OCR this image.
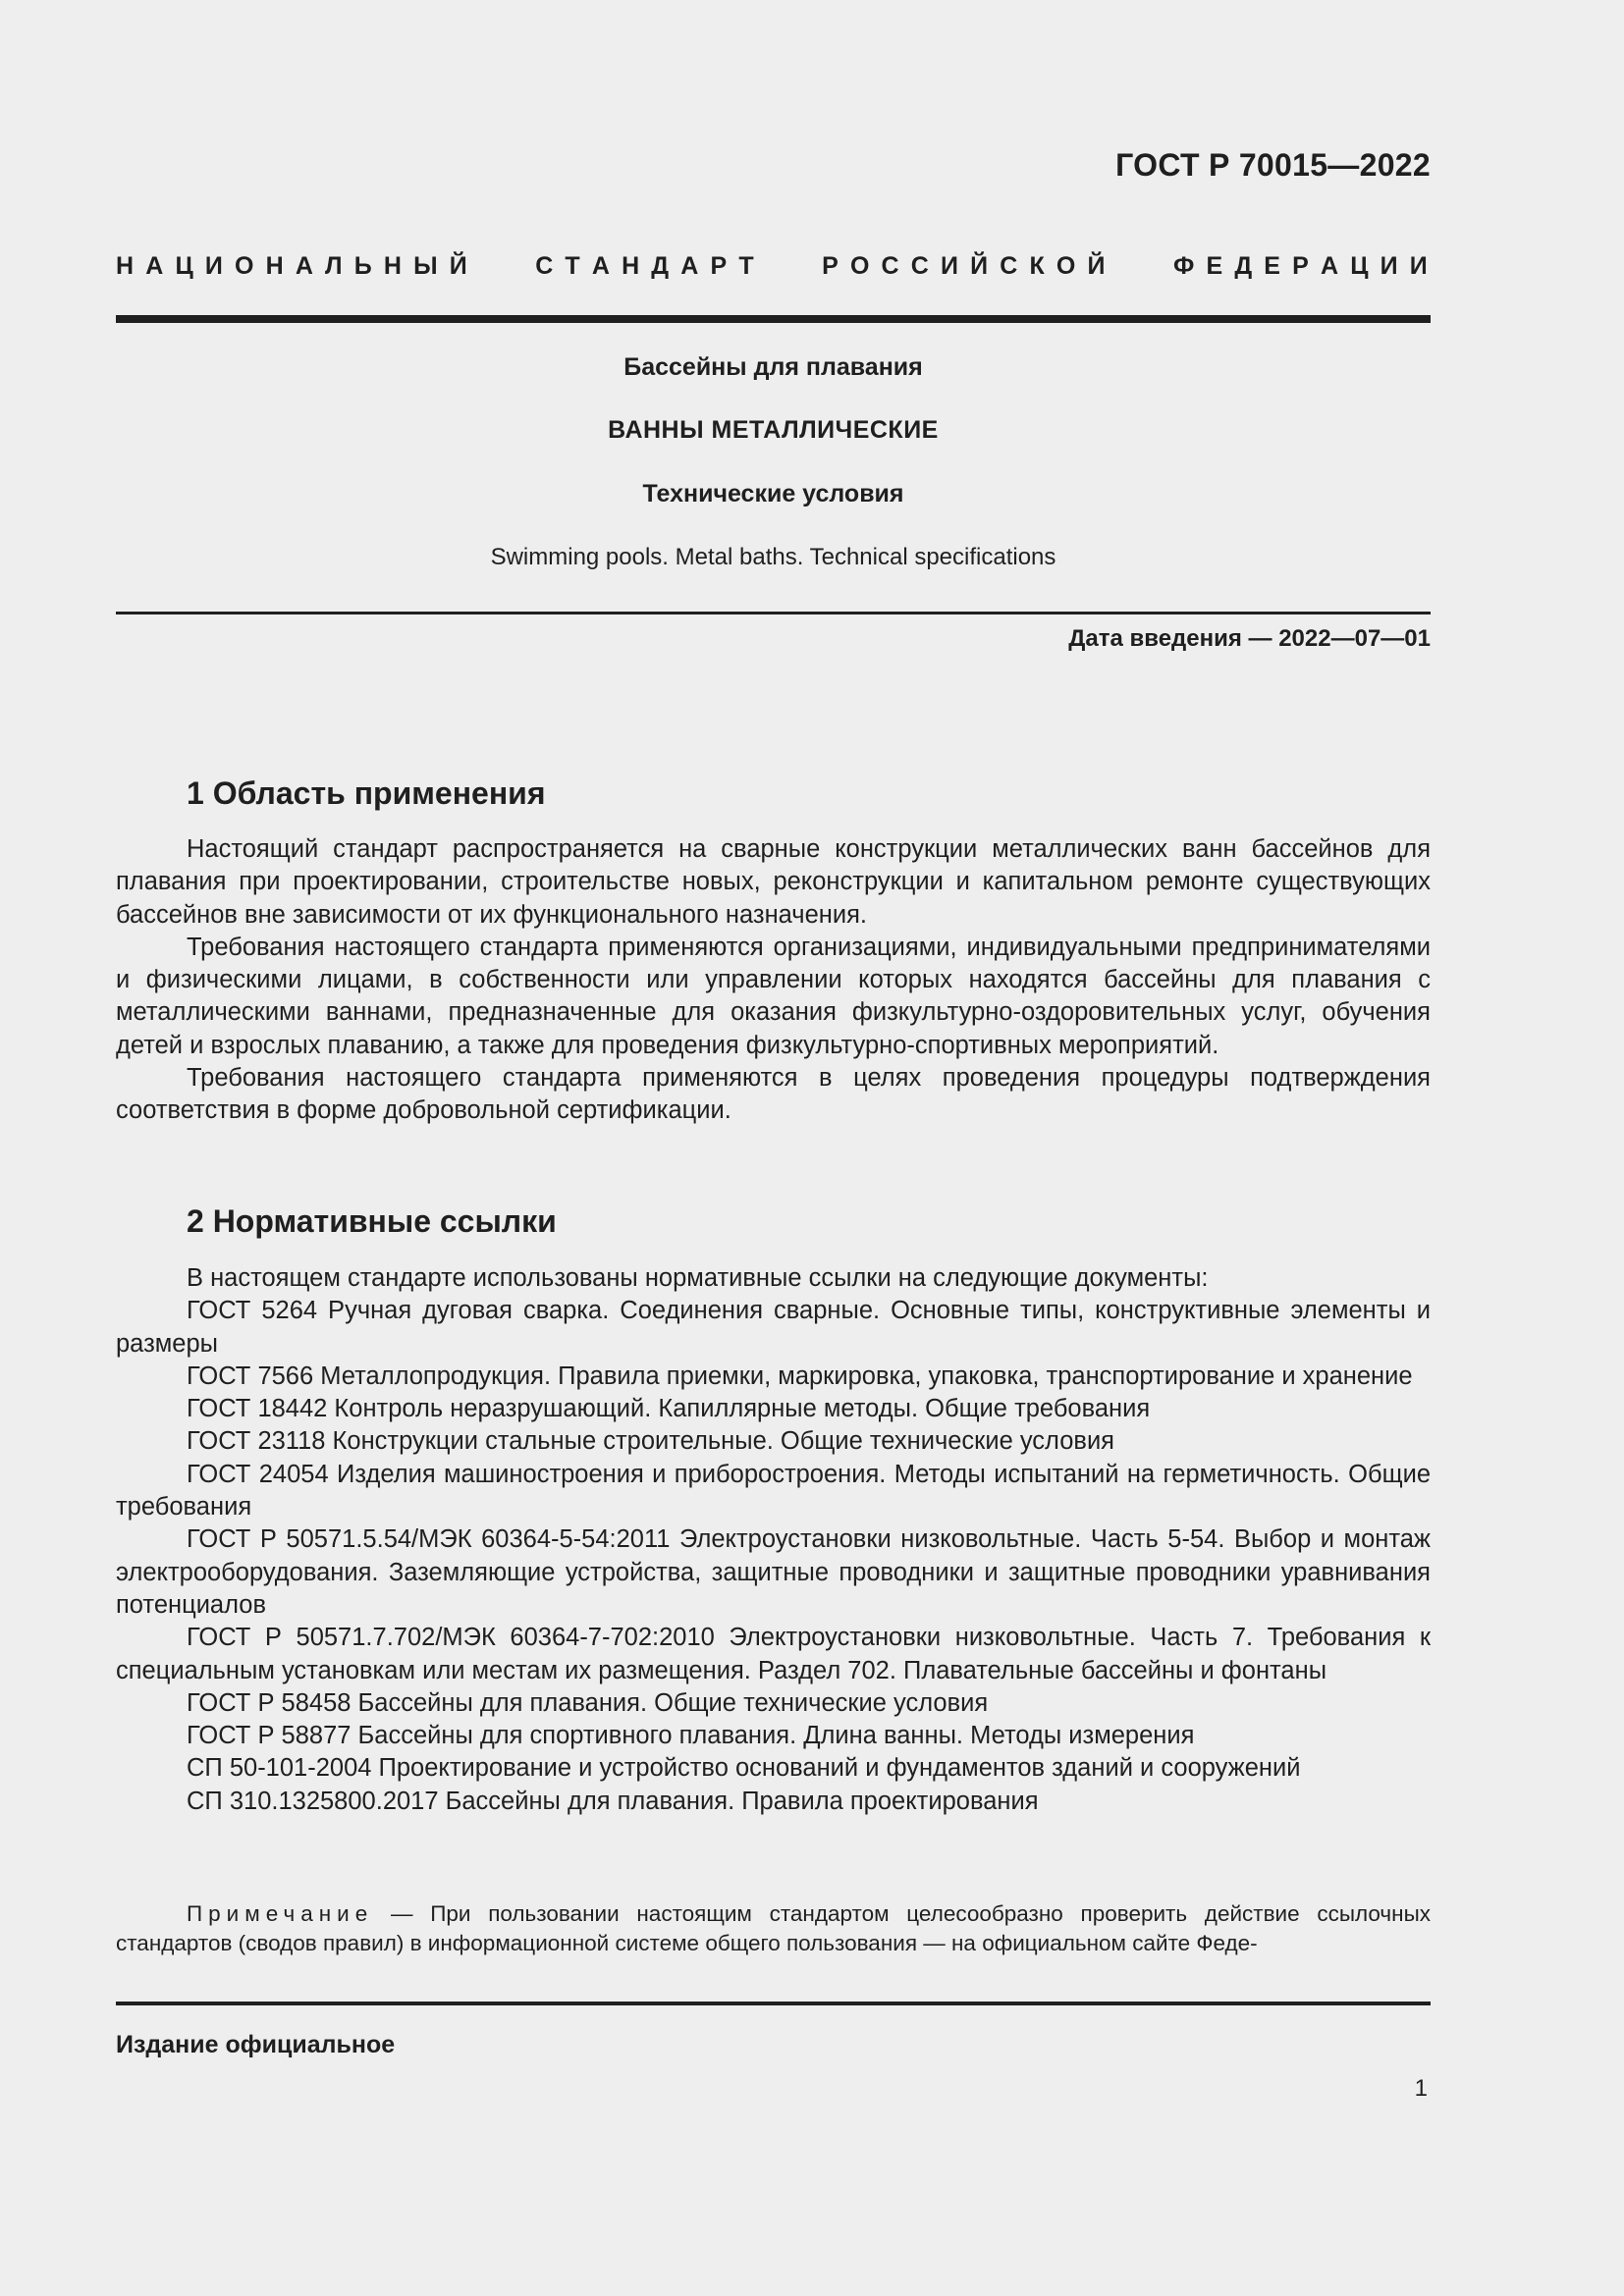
ГОСТ Р 70015—2022
Н А Ц И О Н А Л Ь Н Ы Й       С Т А Н Д А Р Т       Р О С С И Й С К О Й       Ф Е Д Е Р А Ц И И
Бассейны для плавания
ВАННЫ МЕТАЛЛИЧЕСКИЕ
Технические условия
Swimming pools. Metal baths. Technical specifications
Дата введения — 2022—07—01
1 Область применения

Настоящий стандарт распространяется на сварные конструкции металлических ванн бассейнов для плавания при проектировании, строительстве новых, реконструкции и капитальном ремонте существующих бассейнов вне зависимости от их функционального назначения.

Требования настоящего стандарта применяются организациями, индивидуальными предпринимателями и физическими лицами, в собственности или управлении которых находятся бассейны для плавания с металлическими ваннами, предназначенные для оказания физкультурно-оздоровительных услуг, обучения детей и взрослых плаванию, а также для проведения физкультурно-спортивных мероприятий.

Требования настоящего стандарта применяются в целях проведения процедуры подтверждения соответствия в форме добровольной сертификации.

2 Нормативные ссылки

В настоящем стандарте использованы нормативные ссылки на следующие документы:

ГОСТ 5264 Ручная дуговая сварка. Соединения сварные. Основные типы, конструктивные элементы и размеры

ГОСТ 7566 Металлопродукция. Правила приемки, маркировка, упаковка, транспортирование и хранение

ГОСТ 18442 Контроль неразрушающий. Капиллярные методы. Общие требования

ГОСТ 23118 Конструкции стальные строительные. Общие технические условия

ГОСТ 24054 Изделия машиностроения и приборостроения. Методы испытаний на герметичность. Общие требования

ГОСТ Р 50571.5.54/МЭК 60364-5-54:2011 Электроустановки низковольтные. Часть 5-54. Выбор и монтаж электрооборудования. Заземляющие устройства, защитные проводники и защитные проводники уравнивания потенциалов

ГОСТ Р 50571.7.702/МЭК 60364-7-702:2010 Электроустановки низковольтные. Часть 7. Требования к специальным установкам или местам их размещения. Раздел 702. Плавательные бассейны и фонтаны

ГОСТ Р 58458 Бассейны для плавания. Общие технические условия

ГОСТ Р 58877 Бассейны для спортивного плавания. Длина ванны. Методы измерения

СП 50-101-2004 Проектирование и устройство оснований и фундаментов зданий и сооружений

СП 310.1325800.2017 Бассейны для плавания. Правила проектирования

Примечание — При пользовании настоящим стандартом целесообразно проверить действие ссылочных стандартов (сводов правил) в информационной системе общего пользования — на официальном сайте Феде-

Издание официальное
1
